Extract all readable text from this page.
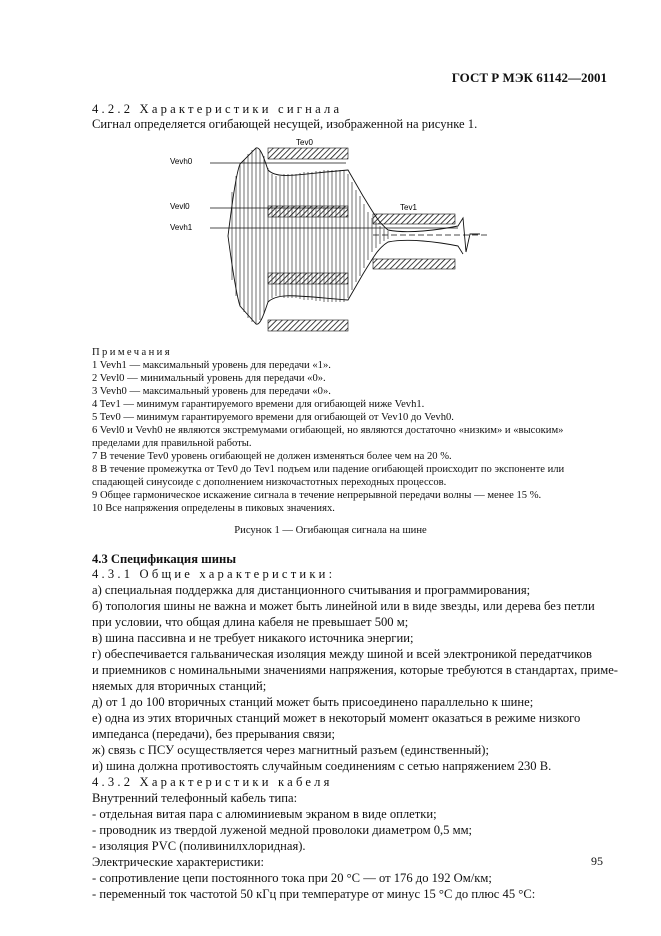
ГОСТ Р МЭК 61142—2001
4.2.2 Характеристики сигнала
Сигнал определяется огибающей несущей, изображенной на рисунке 1.
Vevh0
Vevl0
Vevh1
Tev0
Tev1
Примечания
1 Vevh1 — максимальный уровень для передачи «1».
2 Vevl0 — минимальный уровень для передачи «0».
3 Vevh0 — максимальный уровень для передачи «0».
4 Tev1 — минимум гарантируемого времени для огибающей ниже Vevh1.
5 Tev0 — минимум гарантируемого времени для огибающей от Vev10 до Vevh0.
6 Vevl0 и Vevh0 не являются экстремумами огибающей, но являются достаточно «низким» и «высоким»
пределами для правильной работы.
7 В течение Tev0 уровень огибающей не должен изменяться более чем на 20 %.
8 В течение промежутка от Tev0 до Tev1 подъем или падение огибающей происходит по экспоненте или
спадающей синусоиде с дополнением низкочастотных переходных процессов.
9 Общее гармоническое искажение сигнала в течение непрерывной передачи волны — менее 15 %.
10 Все напряжения определены в пиковых значениях.
Рисунок 1 — Огибающая сигнала на шине
4.3 Спецификация шины
4.3.1 Общие характеристики:
а) специальная поддержка для дистанционного считывания и программирования;
б) топология шины не важна и может быть линейной или в виде звезды, или дерева без петли
при условии, что общая длина кабеля не превышает 500 м;
в) шина пассивна и не требует никакого источника энергии;
г) обеспечивается гальваническая изоляция между шиной и всей электроникой передатчиков
и приемников с номинальными значениями напряжения, которые требуются в стандартах, приме-
няемых для вторичных станций;
д) от 1 до 100 вторичных станций может быть присоединено параллельно к шине;
е) одна из этих вторичных станций может в некоторый момент оказаться в режиме низкого
импеданса (передачи), без прерывания связи;
ж) связь с ПСУ осуществляется через магнитный разъем (единственный);
и) шина должна противостоять случайным соединениям с сетью напряжением 230 В.
4.3.2 Характеристики кабеля
Внутренний телефонный кабель типа:
- отдельная витая пара с алюминиевым экраном в виде оплетки;
- проводник из твердой луженой медной проволоки диаметром 0,5 мм;
- изоляция PVC (поливинилхлоридная).
Электрические характеристики:
- сопротивление цепи постоянного тока при 20 °С — от 176 до 192 Ом/км;
- переменный ток частотой 50 кГц при температуре от минус 15 °С до плюс 45 °С:
95
